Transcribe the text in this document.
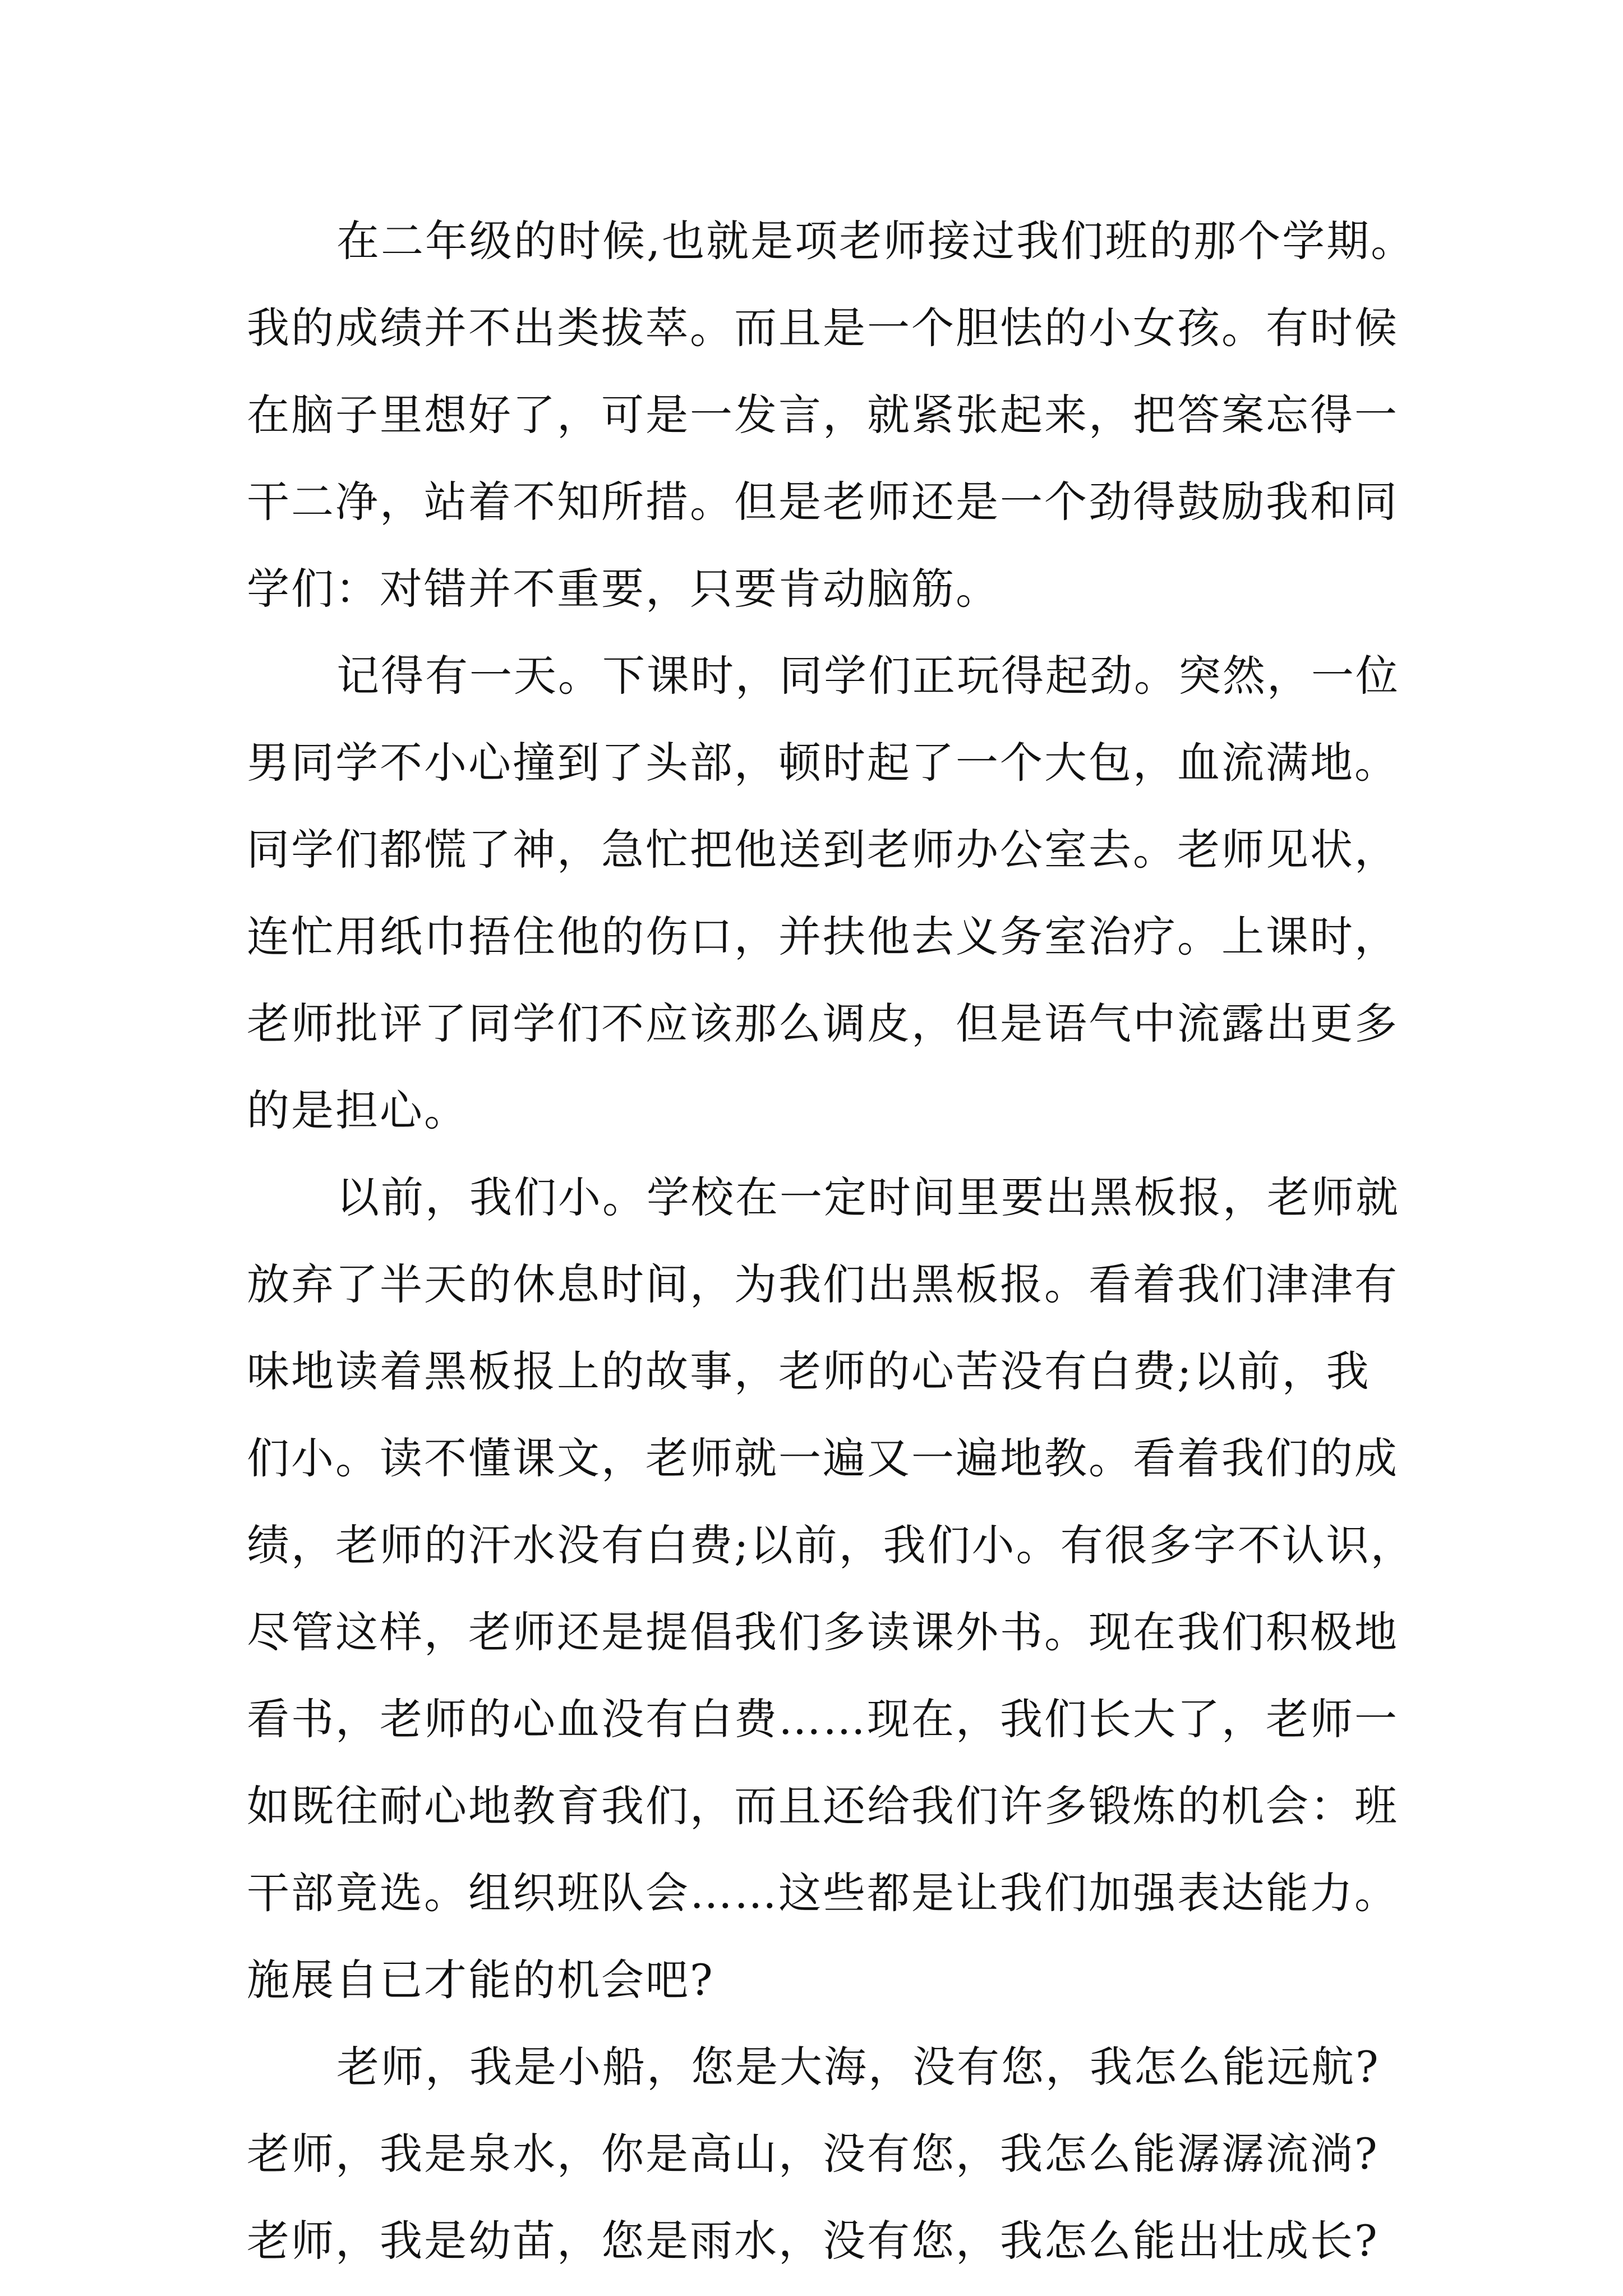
在二年级的时候,也就是项老师接过我们班的那个学期。
我的成绩并不出类拔萃。而且是一个胆怯的小女孩。有时候
在脑子里想好了，可是一发言，就紧张起来，把答案忘得一
干二净，站着不知所措。但是老师还是一个劲得鼓励我和同
学们：对错并不重要，只要肯动脑筋。
记得有一天。下课时，同学们正玩得起劲。突然，一位
男同学不小心撞到了头部，顿时起了一个大包，血流满地。
同学们都慌了神，急忙把他送到老师办公室去。老师见状，
连忙用纸巾捂住他的伤口，并扶他去义务室治疗。上课时，
老师批评了同学们不应该那么调皮，但是语气中流露出更多
的是担心。
以前，我们小。学校在一定时间里要出黑板报，老师就
放弃了半天的休息时间，为我们出黑板报。看着我们津津有
味地读着黑板报上的故事，老师的心苦没有白费;以前，我
们小。读不懂课文，老师就一遍又一遍地教。看着我们的成
绩，老师的汗水没有白费;以前，我们小。有很多字不认识，
尽管这样，老师还是提倡我们多读课外书。现在我们积极地
看书，老师的心血没有白费……现在，我们长大了，老师一
如既往耐心地教育我们，而且还给我们许多锻炼的机会：班
干部竟选。组织班队会……这些都是让我们加强表达能力。
施展自已才能的机会吧?
老师，我是小船，您是大海，没有您，我怎么能远航?
老师，我是泉水，你是高山，没有您，我怎么能潺潺流淌?
老师，我是幼苗，您是雨水，没有您，我怎么能出壮成长?
